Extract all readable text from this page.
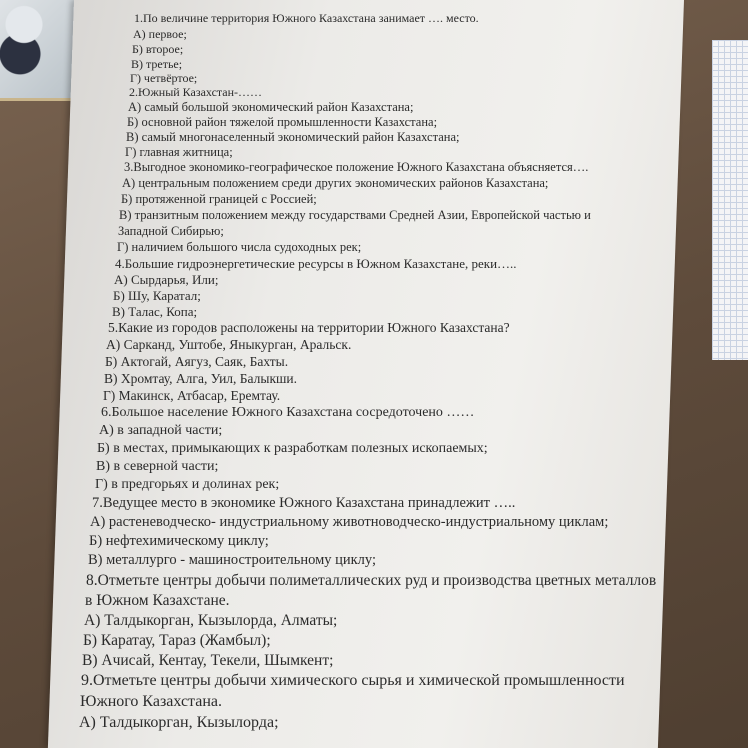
1.По величине территория Южного Казахстана занимает …. место.
А) первое;
Б) второе;
В) третье;
Г) четвёртое;
2.Южный Казахстан-……
А) самый большой экономический район Казахстана;
Б) основной район тяжелой промышленности Казахстана;
В) самый многонаселенный экономический район Казахстана;
Г) главная житница;
3.Выгодное экономико-географическое положение Южного Казахстана объясняется….
А) центральным положением среди других экономических районов Казахстана;
Б) протяженной границей с Россией;
В) транзитным положением между государствами Средней Азии, Европейской частью и
Западной Сибирью;
Г) наличием большого числа судоходных рек;
4.Большие гидроэнергетические ресурсы в Южном Казахстане, реки…..
А) Сырдарья, Или;
Б) Шу, Каратал;
В) Талас, Копа;
5.Какие из городов расположены на территории Южного Казахстана?
А) Сарканд, Уштобе, Яныкурган, Аральск.
Б) Актогай, Аягуз, Саяк, Бахты.
В) Хромтау, Алга, Уил, Балыкши.
Г) Макинск, Атбасар, Еремтау.
6.Большое население Южного Казахстана сосредоточено ……
А) в западной части;
Б) в местах, примыкающих к разработкам полезных ископаемых;
В) в северной части;
Г) в предгорьях и долинах рек;
7.Ведущее место в экономике Южного Казахстана принадлежит …..
А) растеневодческо- индустриальному животноводческо-индустриальному циклам;
Б) нефтехимическому циклу;
В) металлурго - машиностроительному циклу;
8.Отметьте центры добычи полиметаллических руд и производства цветных металлов
в Южном Казахстане.
А) Талдыкорган, Кызылорда, Алматы;
Б) Каратау, Тараз (Жамбыл);
В) Ачисай, Кентау, Текели, Шымкент;
9.Отметьте центры добычи химического сырья и химической промышленности
Южного Казахстана.
А) Талдыкорган, Кызылорда;
